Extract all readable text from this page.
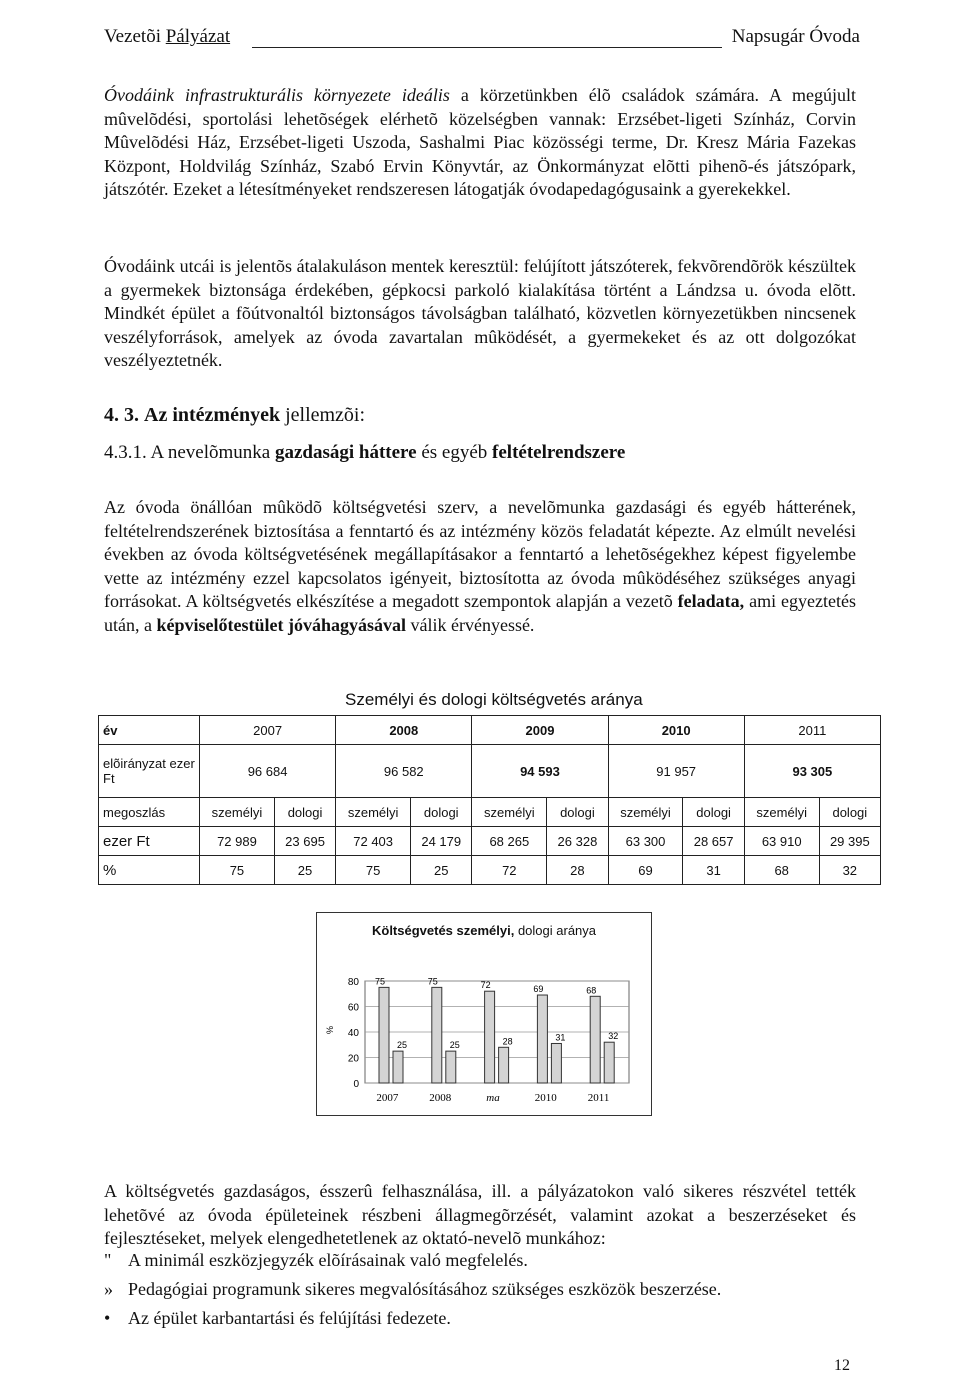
Vezetõi Pályázat	Napsugár Óvoda

Óvodáink infrastrukturális környezete ideális a körzetünkben élõ családok számára. A megújult mûvelõdési, sportolási lehetõségek elérhetõ közelségben vannak: Erzsébet-ligeti Színház, Corvin Mûvelõdési Ház, Erzsébet-ligeti Uszoda, Sashalmi Piac közösségi terme, Dr. Kresz Mária Fazekas Központ, Holdvilág Színház, Szabó Ervin Könyvtár, az Önkormányzat elõtti pihenõ-és játszópark, játszótér. Ezeket a létesítményeket rendszeresen látogatják óvodapedagógusaink a gyerekekkel.

Óvodáink utcái is jelentõs átalakuláson mentek keresztül: felújított játszóterek, fekvõrendõrök készültek a gyermekek biztonsága érdekében, gépkocsi parkoló kialakítása történt a Lándzsa u. óvoda elõtt. Mindkét épület a fõútvonaltól biztonságos távolságban található, közvetlen környezetükben nincsenek veszélyforrások, amelyek az óvoda zavartalan mûködését, a gyermekeket és az ott dolgozókat veszélyeztetnék.

4. 3. Az intézmények jellemzõi:

4.3.1. A nevelõmunka gazdasági háttere és egyéb feltételrendszere

Az óvoda önállóan mûködõ költségvetési szerv, a nevelõmunka gazdasági és egyéb hátterének, feltételrendszerének biztosítása a fenntartó és az intézmény közös feladatát képezte. Az elmúlt nevelési években az óvoda költségvetésének megállapításakor a fenntartó a lehetõségekhez képest figyelembe vette az intézmény ezzel kapcsolatos igényeit, biztosította az óvoda mûködéséhez szükséges anyagi forrásokat. A költségvetés elkészítése a megadott szempontok alapján a vezetõ feladata, ami egyeztetés után, a képviselőtestület jóváhagyásával válik érvényessé.

Személyi és dologi költségvetés aránya
év	2007		2008		2009		2010		2011	
elõirányzat ezer Ft	96 684		96 582		94 593		91 957		93 305	
megoszlás	személyi	dologi	személyi	dologi	személyi	dologi	személyi	dologi	személyi	dologi
ezer Ft	72 989	23 695	72 403	24 179	68 265	26 328	63 300	28 657	63 910	29 395
%	75	25	75	25	72	28	69	31	68	32
Költségvetés személyi, dologi aránya
0
20
40
60
80
%
75
25
2007
75
25
2008
72
28
ma
69
31
2010
68
32
2011

A költségvetés gazdaságos, ésszerû felhasználása, ill. a pályázatokon való sikeres részvétel tették lehetõvé az óvoda épületeinek részbeni állagmegõrzését, valamint azokat a beszerzéseket és fejlesztéseket, melyek elengedhetetlenek az oktató-nevelõ munkához:

" A minimál eszközjegyzék elõírásainak való megfelelés.
» Pedagógiai programunk sikeres megvalósításához szükséges eszközök beszerzése.
• Az épület karbantartási és felújítási fedezete.
12
